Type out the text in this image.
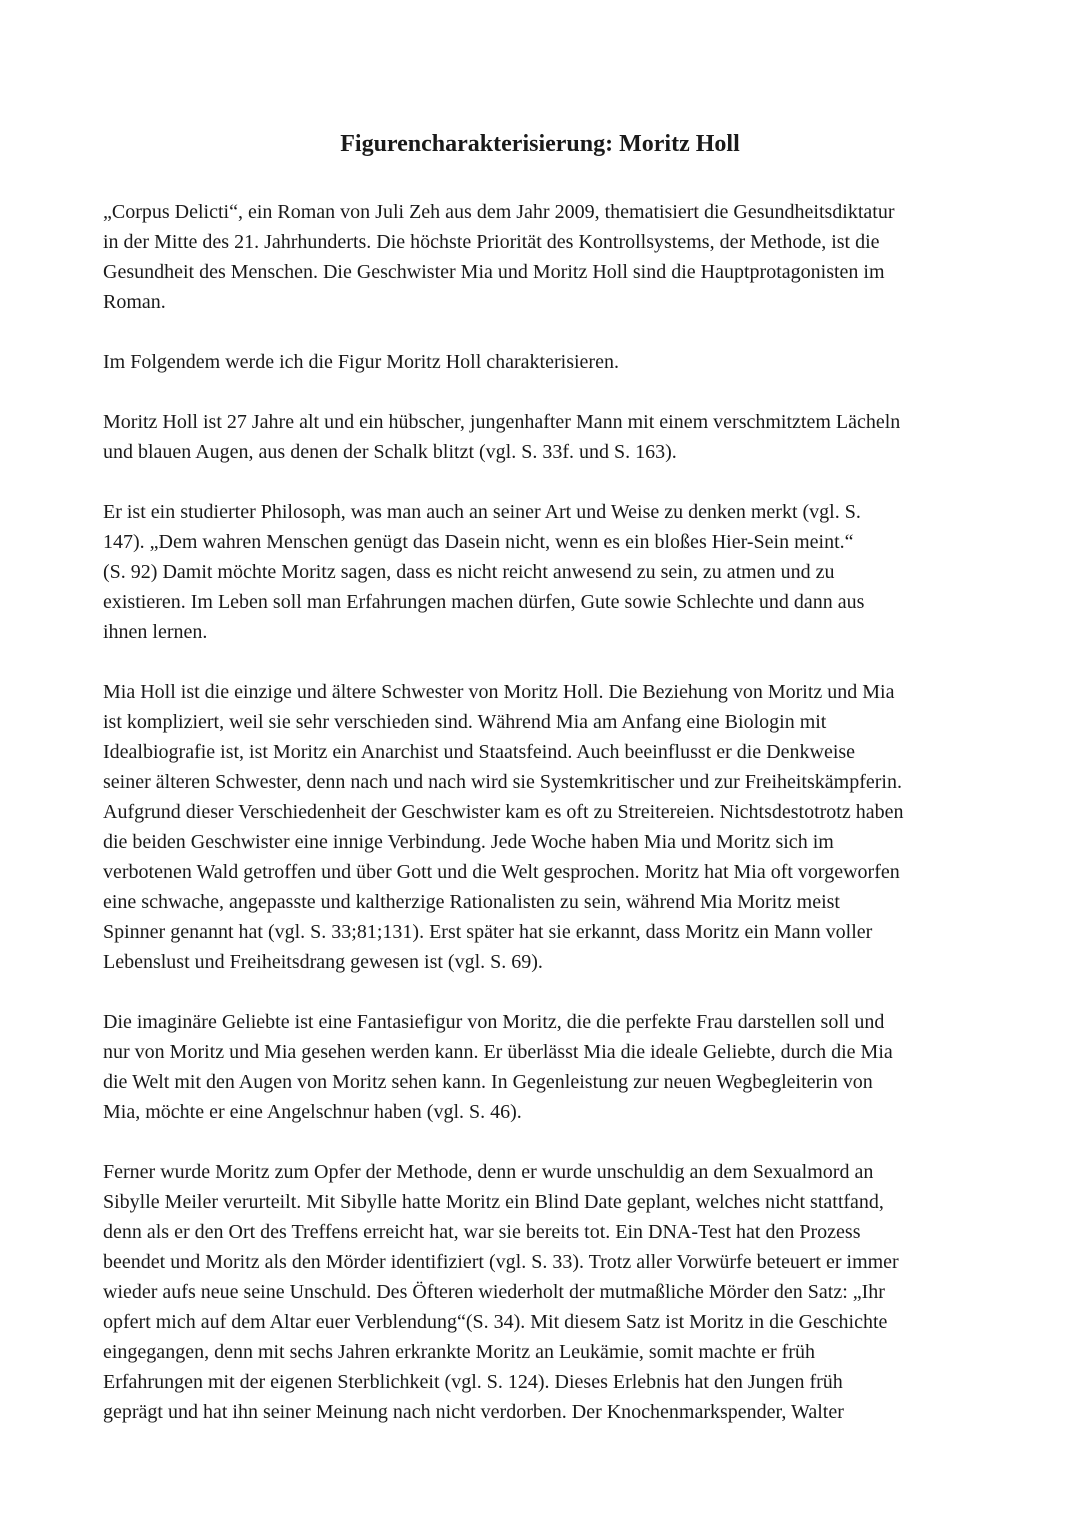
Figurencharakterisierung: Moritz Holl

„Corpus Delicti“, ein Roman von Juli Zeh aus dem Jahr 2009, thematisiert die Gesundheitsdiktatur
in der Mitte des 21. Jahrhunderts. Die höchste Priorität des Kontrollsystems, der Methode, ist die
Gesundheit des Menschen. Die Geschwister Mia und Moritz Holl sind die Hauptprotagonisten im
Roman.

Im Folgendem werde ich die Figur Moritz Holl charakterisieren.

Moritz Holl ist 27 Jahre alt und ein hübscher, jungenhafter Mann mit einem verschmitztem Lächeln
und blauen Augen, aus denen der Schalk blitzt (vgl. S. 33f. und S. 163).

Er ist ein studierter Philosoph, was man auch an seiner Art und Weise zu denken merkt (vgl. S.
147). „Dem wahren Menschen genügt das Dasein nicht, wenn es ein bloßes Hier-Sein meint.“
(S. 92) Damit möchte Moritz sagen, dass es nicht reicht anwesend zu sein, zu atmen und zu
existieren. Im Leben soll man Erfahrungen machen dürfen, Gute sowie Schlechte und dann aus
ihnen lernen.

Mia Holl ist die einzige und ältere Schwester von Moritz Holl. Die Beziehung von Moritz und Mia
ist kompliziert, weil sie sehr verschieden sind. Während Mia am Anfang eine Biologin mit
Idealbiografie ist, ist Moritz ein Anarchist und Staatsfeind. Auch beeinflusst er die Denkweise
seiner älteren Schwester, denn nach und nach wird sie Systemkritischer und zur Freiheitskämpferin.
Aufgrund dieser Verschiedenheit der Geschwister kam es oft zu Streitereien. Nichtsdestotrotz haben
die beiden Geschwister eine innige Verbindung. Jede Woche haben Mia und Moritz sich im
verbotenen Wald getroffen und über Gott und die Welt gesprochen. Moritz hat Mia oft vorgeworfen
eine schwache, angepasste und kaltherzige Rationalisten zu sein, während Mia Moritz meist
Spinner genannt hat (vgl. S. 33;81;131). Erst später hat sie erkannt, dass Moritz ein Mann voller
Lebenslust und Freiheitsdrang gewesen ist (vgl. S. 69).

Die imaginäre Geliebte ist eine Fantasiefigur von Moritz, die die perfekte Frau darstellen soll und
nur von Moritz und Mia gesehen werden kann. Er überlässt Mia die ideale Geliebte, durch die Mia
die Welt mit den Augen von Moritz sehen kann. In Gegenleistung zur neuen Wegbegleiterin von
Mia, möchte er eine Angelschnur haben (vgl. S. 46).

Ferner wurde Moritz zum Opfer der Methode, denn er wurde unschuldig an dem Sexualmord an
Sibylle Meiler verurteilt. Mit Sibylle hatte Moritz ein Blind Date geplant, welches nicht stattfand,
denn als er den Ort des Treffens erreicht hat, war sie bereits tot. Ein DNA-Test hat den Prozess
beendet und Moritz als den Mörder identifiziert (vgl. S. 33). Trotz aller Vorwürfe beteuert er immer
wieder aufs neue seine Unschuld. Des Öfteren wiederholt der mutmaßliche Mörder den Satz: „Ihr
opfert mich auf dem Altar euer Verblendung“(S. 34). Mit diesem Satz ist Moritz in die Geschichte
eingegangen, denn mit sechs Jahren erkrankte Moritz an Leukämie, somit machte er früh
Erfahrungen mit der eigenen Sterblichkeit (vgl. S. 124). Dieses Erlebnis hat den Jungen früh
geprägt und hat ihn seiner Meinung nach nicht verdorben. Der Knochenmarkspender, Walter
